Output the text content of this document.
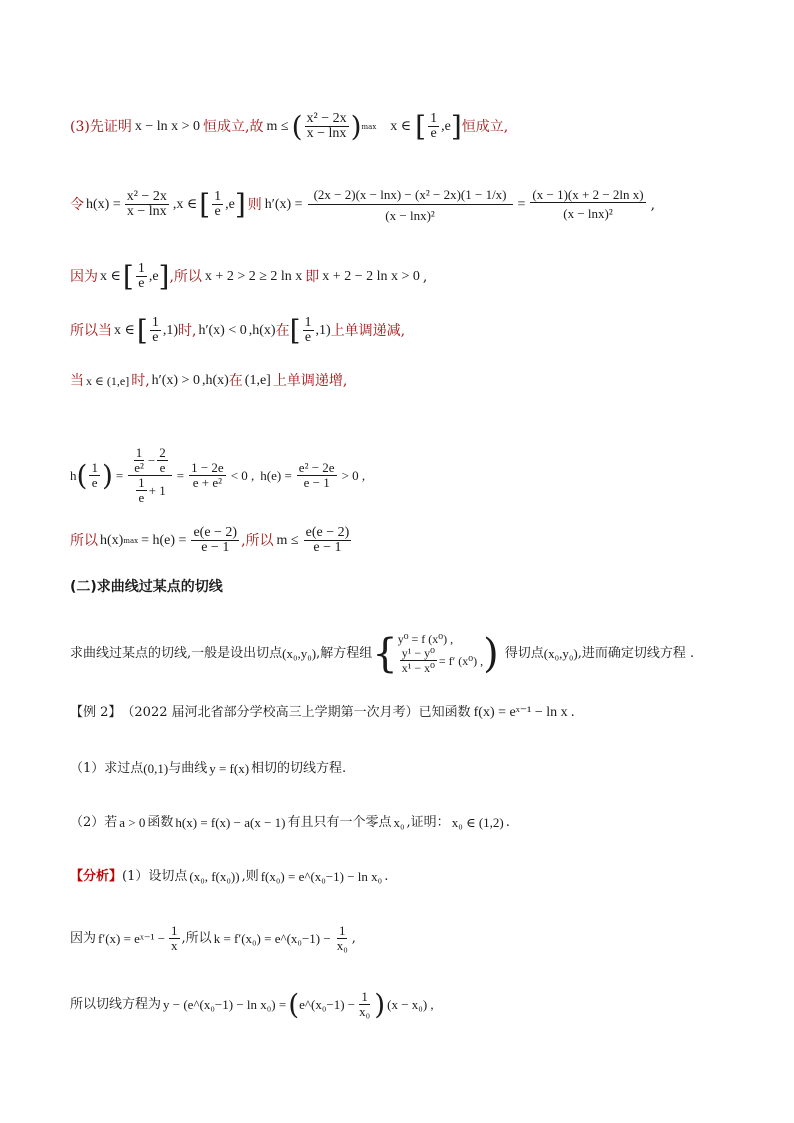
(3)先证明 x − ln x > 0 恒成立,故 m ≤ ( $\frac{\text{x² − 2x}}{x - \ln x}$ ) max x ∈ [ $\frac{1}{e} ,e$ ] 恒成立,
令 $h(x) = \frac{\text{x² − 2x}}{x - \ln x} ,x$ ∈ [ $\frac{1}{e} ,e$ ] 则 $h'(x) = \frac{\text{(2x − 2)(x − lnx) − (x² − 2x)(1 − 1/x)}}{\text{(x − lnx)²}} = \frac{\text{(x − 1)(x + 2 − 2ln x)}}{\text{(x − lnx)²}}$ ,
因为 x ∈ [ $\frac{1}{e} ,e$ ] ,所以 x + 2 > 2 ≥ 2 ln x 即 x + 2 − 2 ln x > 0 ,
所以当 x ∈ [ $\frac{1}{e} ,1$) 时, h′(x) < 0 ,h(x) 在 [ $\frac{1}{e} ,1$) 上单调递减,
当 x ∈ (1,e] 时, h′(x) > 0 ,h(x) 在 (1,e] 上单调递增,
h ( $\frac{1}{e}$ ) = $\frac{\frac{1}{\text{e²}} - \frac{2}{e}}{\frac{1}{e} + 1} = \frac{1 - 2e}{\text{e + e²}} < 0$ , $h(e) = \frac{\text{e² − 2e}}{e - 1} > 0$ ,
所以 h(x) $\max = h(e) = \frac{e(e - 2)}{e - 1}$ ,所以 $m \le \frac{e(e - 2)}{e - 1}$
(二)求曲线过某点的切线
求曲线过某点的切线,一般是设出切点 (x₀,y₀) ,解方程组 { y⁰ = f (x⁰) ,
$\frac{\text{y¹ − y⁰}}{\text{x¹ − x⁰}} = f'$ (x⁰) , ) 得切点 (x₀,y₀) ,进而确定切线方程 .
【例 2】 （2022 届河北省部分学校高三上学期第一次月考）已知函数 f(x) = eˣ⁻¹ − ln x .
（1）求过点 (0,1) 与曲线 y = f(x) 相切的切线方程.
（2）若 a > 0 函数 h(x) = f(x) − a(x − 1) 有且只有一个零点 x₀ ,证明： x₀ ∈ (1,2) .
【分析】 (1）设切点 (x₀, f(x₀)) ,则 f(x₀) = e^(x₀−1) − ln x₀ .
因为 f′(x) = eˣ⁻¹ − $\frac{1}{x}$ ,所以 k = f′(x₀) = e^(x₀−1) − $\frac{1}{\text{x₀}}$ ,
所以切线方程为 y − (e^(x₀−1) − ln x₀) = ( e^(x₀−1) − $\frac{1}{\text{x₀}}$ ) (x − x₀) ,
